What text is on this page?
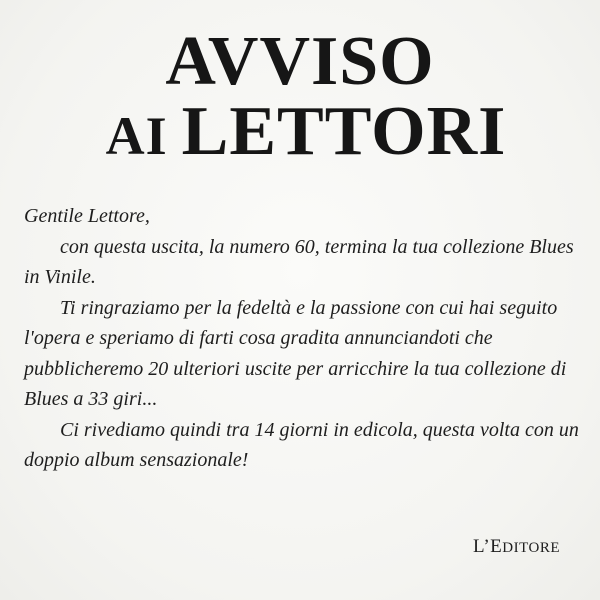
AVVISO
AI LETTORI

Gentile Lettore,

con questa uscita, la numero 60, termina la tua collezione Blues in Vinile.

Ti ringraziamo per la fedeltà e la passione con cui hai seguito l'opera e speriamo di farti cosa gradita annunciandoti che pubblicheremo 20 ulteriori uscite per arricchire la tua collezione di Blues a 33 giri...

Ci rivediamo quindi tra 14 giorni in edicola, questa volta con un doppio album sensazionale!

L’EDITORE
